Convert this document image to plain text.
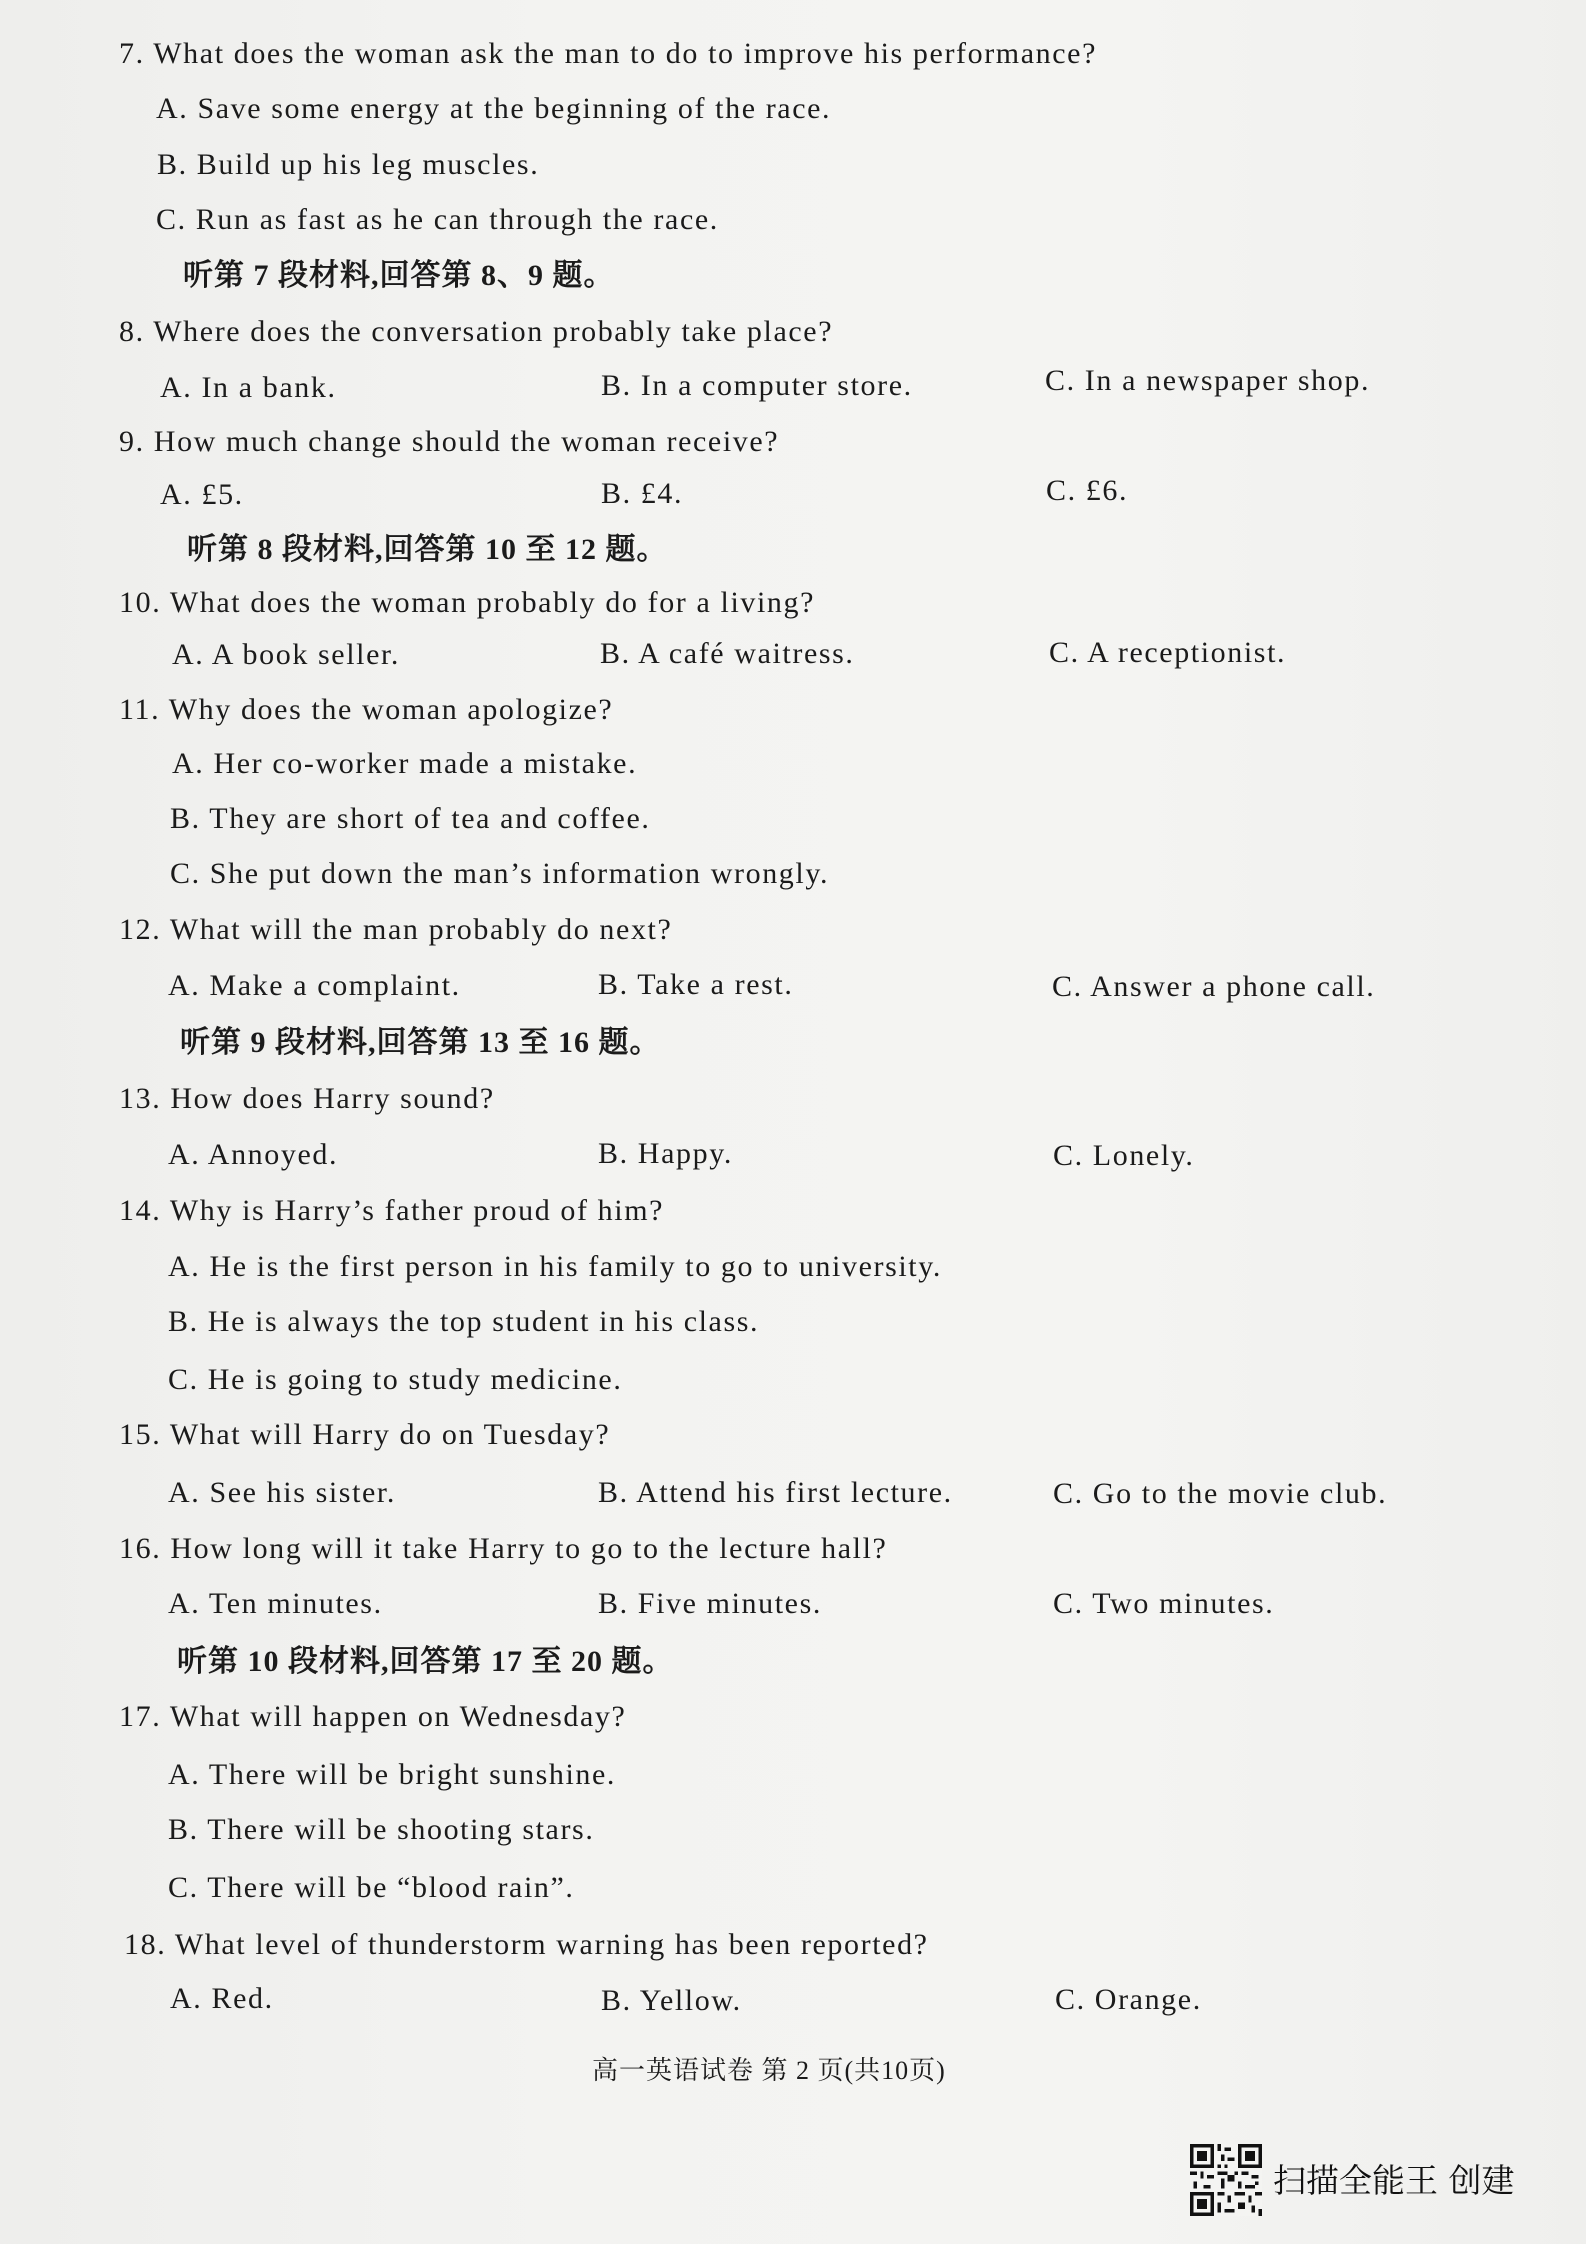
7. What does the woman ask the man to do to improve his performance?
A. Save some energy at the beginning of the race.
B. Build up his leg muscles.
C. Run as fast as he can through the race.
听第 7 段材料,回答第 8、9 题。
8. Where does the conversation probably take place?
A. In a bank.	B. In a computer store.	C. In a newspaper shop.
9. How much change should the woman receive?
A. £5.	B. £4.	C. £6.
听第 8 段材料,回答第 10 至 12 题。
10. What does the woman probably do for a living?
A. A book seller.	B. A café waitress.	C. A receptionist.
11. Why does the woman apologize?
A. Her co-worker made a mistake.
B. They are short of tea and coffee.
C. She put down the man’s information wrongly.
12. What will the man probably do next?
A. Make a complaint.	B. Take a rest.	C. Answer a phone call.
听第 9 段材料,回答第 13 至 16 题。
13. How does Harry sound?
A. Annoyed.	B. Happy.	C. Lonely.
14. Why is Harry’s father proud of him?
A. He is the first person in his family to go to university.
B. He is always the top student in his class.
C. He is going to study medicine.
15. What will Harry do on Tuesday?
A. See his sister.	B. Attend his first lecture.	C. Go to the movie club.
16. How long will it take Harry to go to the lecture hall?
A. Ten minutes.	B. Five minutes.	C. Two minutes.
听第 10 段材料,回答第 17 至 20 题。
17. What will happen on Wednesday?
A. There will be bright sunshine.
B. There will be shooting stars.
C. There will be “blood rain”.
18. What level of thunderstorm warning has been reported?
A. Red.	B. Yellow.	C. Orange.
高一英语试卷 第 2 页(共10页)
扫描全能王 创建
